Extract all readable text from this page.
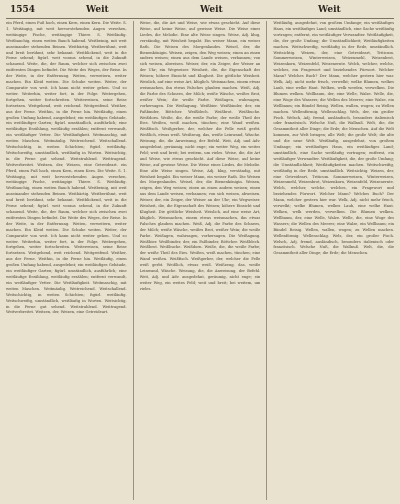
1554	Weit	Weit	Weit

ein Pferd, einen Fuß hoch, einen Kern, einen Kern. Die Weite. S. 1. Weitäugig, mit weit hervorstehenden Augen versehen, weitäugige Fische, weitäugige Thiere. S. Weitläufig. Weitbauchig, einen weiten Bauch habend. Weitbeinig, mit weit auseinander stehenden Beinen. Weitbärtig. Weitberühmt, weit und breit berühmt, sehr bekannt. Weitblickend, weit in die Ferne sehend; figürl. weit voraus sehend, in die Zukunft schauend. Weite, die, der Raum, welcher sich zwischen zwei entfernten Dingen befindet. Die Weite des Weges, der Reise. In der Weite, in der Entfernung. Weiten, verweitern, weiter machen. Ein Kleid weiten. Die Schuhe weiten. Weiter, der Comparativ von weit. Ich kann nicht weiter gehen. Und so weiter. Weiterhin, weiter fort, in der Folge. Weitergehen, fortgehen, weiter fortschreiten. Weiterreisen, seine Reise fortsetzen. Weitgehend, weit reichend. Weitgreifend. Weither, aus der Ferne. Weithin, in die Ferne hin. Weitläufig, einen großen Umfang habend, ausgedehnt; ein weitläufiges Gebäude, ein weitläufiger Garten; figürl. umständlich, ausführlich; eine weitläufige Erzählung, weitläufig erzählen; entfernt verwandt, ein weitläufiger Vetter. Die Weitläufigkeit. Weitmaschig, mit weiten Maschen. Weitmäulig. Weitreichend. Weitschallend. Weitschichtig, in weiten Schichten; figürl. weitläufig. Weitschweifig, umständlich, weitläufig in Worten. Weitsichtig, in die Ferne gut sehend. Weitstrahlend. Weittragend. Weitverbreitet. Weitzen, der, Weizen, eine Getreideart. ein Pferd, einen Fuß hoch, einen Kern, einen Kern. Die Weite. S. 1. Weitäugig, mit weit hervorstehenden Augen versehen, weitäugige Fische, weitäugige Thiere. S. Weitläufig. Weitbauchig, einen weiten Bauch habend. Weitbeinig, mit weit auseinander stehenden Beinen. Weitbärtig. Weitberühmt, weit und breit berühmt, sehr bekannt. Weitblickend, weit in die Ferne sehend; figürl. weit voraus sehend, in die Zukunft schauend. Weite, die, der Raum, welcher sich zwischen zwei entfernten Dingen befindet. Die Weite des Weges, der Reise. In der Weite, in der Entfernung. Weiten, verweitern, weiter machen. Ein Kleid weiten. Die Schuhe weiten. Weiter, der Comparativ von weit. Ich kann nicht weiter gehen. Und so weiter. Weiterhin, weiter fort, in der Folge. Weitergehen, fortgehen, weiter fortschreiten. Weiterreisen, seine Reise fortsetzen. Weitgehend, weit reichend. Weitgreifend. Weither, aus der Ferne. Weithin, in die Ferne hin. Weitläufig, einen großen Umfang habend, ausgedehnt; ein weitläufiges Gebäude, ein weitläufiger Garten; figürl. umständlich, ausführlich; eine weitläufige Erzählung, weitläufig erzählen; entfernt verwandt, ein weitläufiger Vetter. Die Weitläufigkeit. Weitmaschig, mit weiten Maschen. Weitmäulig. Weitreichend. Weitschallend. Weitschichtig, in weiten Schichten; figürl. weitläufig. Weitschweifig, umständlich, weitläufig in Worten. Weitsichtig, in die Ferne gut sehend. Weitstrahlend. Weittragend. Weitverbreitet. Weitzen, der, Weizen, eine Getreideart.

Weise, die, die Art und Weise, wie etwas geschieht. Auf diese Weise, auf keine Weise, auf gewisse Weise. Die Weise eines Liedes, die Melodie. Eine alte Weise singen. Weise, Adj. klug, verständig, mit Weisheit begabt. Ein weiser Mann, ein weiser Rath. Die Weisen des Morgenlandes. Weisel, der, die Bienenkönigin. Weisen, zeigen, den Weg weisen; einen an einen andern weisen; einen aus dem Lande weisen, verbannen; von sich weisen, abweisen. Weiser, der, ein Zeiger, der Weiser an der Uhr; ein Wegweiser. Weisheit, die, die Eigenschaft des Weisen; höhere Einsicht und Klugheit. Die göttliche Weisheit. Weislich, auf eine weise Art, klüglich. Weismachen, einem etwas weismachen, ihn etwas Falsches glauben machen. Weiß, Adj. die Farbe des Schnees, der Milch; weiße Wäsche, weißes Brot, weißer Wein; die weiße Farbe. Weißagen, wahrsagen, vorhersagen. Die Weißagung. Weißbier. Weißbinder, der, ein Faßbinder, Böttcher. Weißblech. Weißbrot. Weißbuche. Weißdorn. Weiße, die, die weiße Farbe; der weiße Theil des Eies. Weißen, weiß machen, tünchen; eine Wand weißen. Weißfisch. Weißgerber, der, welcher die Felle weiß gerbt. Weißlich, etwas weiß. Weißzeug, das, weiße Leinwand, Wäsche. Weisung, die, die Anweisung, der Befehl. Weit, Adj. und Adv. ausgedehnt, geräumig, nicht enge; ein weiter Weg, ein weites Feld; weit und breit; bei weitem, um vieles. Weise, die, die Art und Weise, wie etwas geschieht. Auf diese Weise, auf keine Weise, auf gewisse Weise. Die Weise eines Liedes, die Melodie. Eine alte Weise singen. Weise, Adj. klug, verständig, mit Weisheit begabt. Ein weiser Mann, ein weiser Rath. Die Weisen des Morgenlandes. Weisel, der, die Bienenkönigin. Weisen, zeigen, den Weg weisen; einen an einen andern weisen; einen aus dem Lande weisen, verbannen; von sich weisen, abweisen. Weiser, der, ein Zeiger, der Weiser an der Uhr; ein Wegweiser. Weisheit, die, die Eigenschaft des Weisen; höhere Einsicht und Klugheit. Die göttliche Weisheit. Weislich, auf eine weise Art, klüglich. Weismachen, einem etwas weismachen, ihn etwas Falsches glauben machen. Weiß, Adj. die Farbe des Schnees, der Milch; weiße Wäsche, weißes Brot, weißer Wein; die weiße Farbe. Weißagen, wahrsagen, vorhersagen. Die Weißagung. Weißbier. Weißbinder, der, ein Faßbinder, Böttcher. Weißblech. Weißbrot. Weißbuche. Weißdorn. Weiße, die, die weiße Farbe; der weiße Theil des Eies. Weißen, weiß machen, tünchen; eine Wand weißen. Weißfisch. Weißgerber, der, welcher die Felle weiß gerbt. Weißlich, etwas weiß. Weißzeug, das, weiße Leinwand, Wäsche. Weisung, die, die Anweisung, der Befehl. Weit, Adj. und Adv. ausgedehnt, geräumig, nicht enge; ein weiter Weg, ein weites Feld; weit und breit; bei weitem, um vieles.

Weitläufig, ausgedehnt, von großem Umfange; ein weitläufiges Haus, ein weitläufiges Land; umständlich, eine Sache weitläufig vortragen; entfernt, ein weitläufiger Verwandter. Weitläufigkeit, die, der große Umfang; die Umständlichkeit; Weitläufigkeiten machen. Weitschweifig, weitläufig in der Rede, umständlich. Weitsichtig. Weizen, der, eine Getreideart, Triticum. Sommerweizen, Winterweizen, Weizenmehl, Weizenbrot, Weizenkorn, Weizenfeld, Weizenernte. Welch, welcher, welche, welches, ein Fragewort und beziehendes Fürwort. Welcher Mann? Welches Buch? Der Mann, welcher gestern hier war. Welk, Adj. nicht mehr frisch, verwelkt; welke Blumen, welkes Laub, eine welke Haut. Welken, welk werden, verwelken. Die Blumen welken. Wellbaum, der, eine Welle, Walze. Welle, die, eine Woge des Wassers; die Wellen des Meeres; eine Walze, ein Wellbaum; ein Bündel Reisig. Wellen, wallen, wogen; zu Wellen machen. Wellenförmig. Wellenschlag. Wels, der, ein großer Fisch. Welsch, Adj. fremd, ausländisch, besonders italienisch oder französisch. Welsche Nuß, die Wallnuß. Welt, die, die Gesammtheit aller Dinge; die Erde; die Menschen. Auf die Welt kommen, zur Welt bringen; alle Welt; die große Welt; die alte und die neue Welt. Weitläufig, ausgedehnt, von großem Umfange; ein weitläufiges Haus, ein weitläufiges Land; umständlich, eine Sache weitläufig vortragen; entfernt, ein weitläufiger Verwandter. Weitläufigkeit, die, der große Umfang; die Umständlichkeit; Weitläufigkeiten machen. Weitschweifig, weitläufig in der Rede, umständlich. Weitsichtig. Weizen, der, eine Getreideart, Triticum. Sommerweizen, Winterweizen, Weizenmehl, Weizenbrot, Weizenkorn, Weizenfeld, Weizenernte. Welch, welcher, welche, welches, ein Fragewort und beziehendes Fürwort. Welcher Mann? Welches Buch? Der Mann, welcher gestern hier war. Welk, Adj. nicht mehr frisch, verwelkt; welke Blumen, welkes Laub, eine welke Haut. Welken, welk werden, verwelken. Die Blumen welken. Wellbaum, der, eine Welle, Walze. Welle, die, eine Woge des Wassers; die Wellen des Meeres; eine Walze, ein Wellbaum; ein Bündel Reisig. Wellen, wallen, wogen; zu Wellen machen. Wellenförmig. Wellenschlag. Wels, der, ein großer Fisch. Welsch, Adj. fremd, ausländisch, besonders italienisch oder französisch. Welsche Nuß, die Wallnuß. Welt, die, die Gesammtheit aller Dinge; die Erde; die Menschen.
